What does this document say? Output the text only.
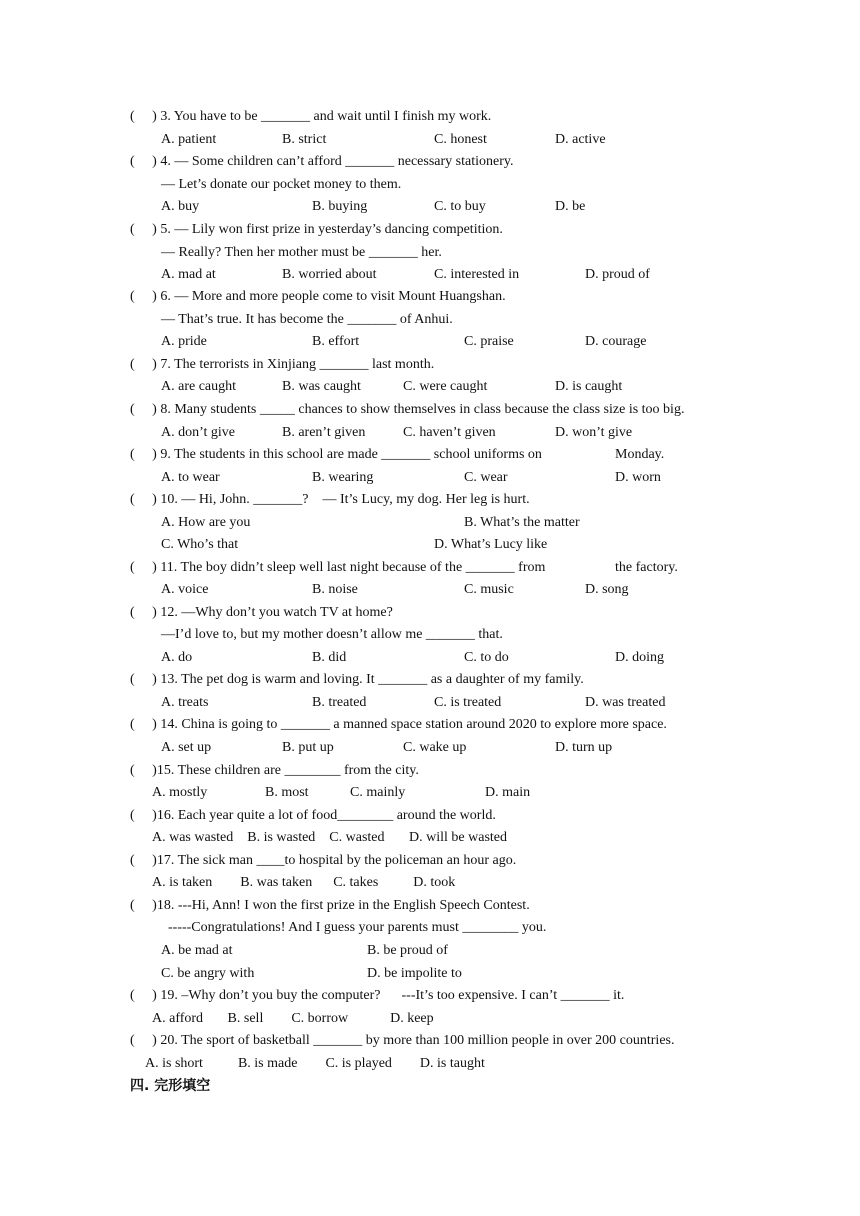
(     ) 3. You have to be _______ and wait until I finish my work.
A. patient	B. strict	C. honest	D. active
(     ) 4. — Some children can’t afford _______ necessary stationery.
— Let’s donate our pocket money to them.
A. buy	B. buying	C. to buy	D. be
(     ) 5. — Lily won first prize in yesterday’s dancing competition.
— Really? Then her mother must be _______ her.
A. mad at	B. worried about	C. interested in	D. proud of
(     ) 6. — More and more people come to visit Mount Huangshan.
— That’s true. It has become the _______ of Anhui.
A. pride	B. effort	C. praise	D. courage
(     ) 7. The terrorists in Xinjiang _______ last month.
A. are caught	B. was caught	C. were caught	D. is caught
(     ) 8. Many students _____ chances to show themselves in class because the class size is too big.
A. don’t give	B. aren’t given	C. haven’t given	D. won’t give
(     ) 9. The students in this school are made _______ school uniforms on	Monday.
A. to wear	B. wearing	C. wear	D. worn
(     ) 10. — Hi, John. _______?    — It’s Lucy, my dog. Her leg is hurt.
A. How are you	B. What’s the matter
C. Who’s that	D. What’s Lucy like
(     ) 11. The boy didn’t sleep well last night because of the _______ from	the factory.
A. voice	B. noise	C. music	D. song
(     ) 12. —Why don’t you watch TV at home?
—I’d love to, but my mother doesn’t allow me _______ that.
A. do	B. did	C. to do	D. doing
(     ) 13. The pet dog is warm and loving. It _______ as a daughter of my family.
A. treats	B. treated	C. is treated	D. was treated
(     ) 14. China is going to _______ a manned space station around 2020 to explore more space.
A. set up	B. put up	C. wake up	D. turn up
(     )15. These children are ________ from the city.
A. mostly	B. most	C. mainly	D. main
(     )16. Each year quite a lot of food________ around the world.
A. was wasted    B. is wasted    C. wasted       D. will be wasted
(     )17. The sick man ____to hospital by the policeman an hour ago.
A. is taken        B. was taken      C. takes          D. took
(     )18. ---Hi, Ann! I won the first prize in the English Speech Contest.
-----Congratulations! And I guess your parents must ________ you.
A. be mad at	B. be proud of
C. be angry with	D. be impolite to
(     ) 19. –Why don’t you buy the computer?      ---It’s too expensive. I can’t _______ it.
A. afford       B. sell        C. borrow            D. keep
(     ) 20. The sport of basketball _______ by more than 100 million people in over 200 countries.
A. is short          B. is made        C. is played        D. is taught
四. 完形填空
